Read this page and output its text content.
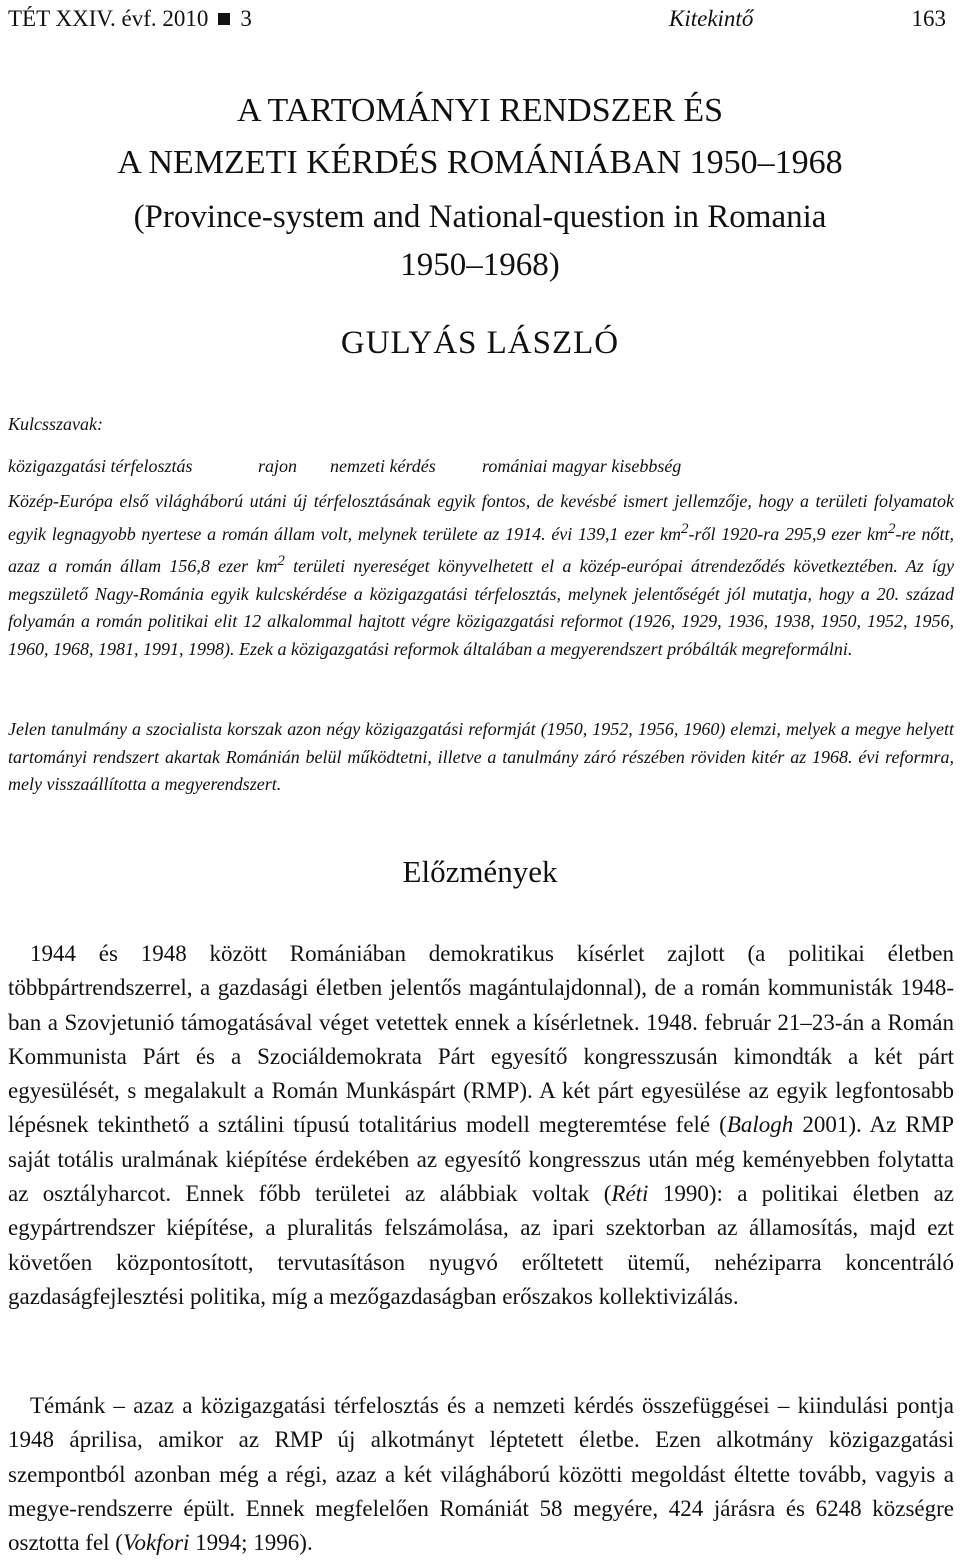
TÉT XXIV. évf. 2010 3	Kitekintő	163
A TARTOMÁNYI RENDSZER ÉS
A NEMZETI KÉRDÉS ROMÁNIÁBAN 1950–1968
(Province-system and National-question in Romania
1950–1968)
GULYÁS LÁSZLÓ
Kulcsszavak:
közigazgatási térfelosztás	rajon nemzeti kérdés	romániai magyar kisebbség

Közép-Európa első világháború utáni új térfelosztásának egyik fontos, de kevésbé ismert jellemzője, hogy a területi folyamatok egyik legnagyobb nyertese a román állam volt, melynek területe az 1914. évi 139,1 ezer $km^2$-ről 1920-ra 295,9 ezer $km^2-re$ nőtt, azaz a román állam 156,8 ezer $km^2$ területi nyereséget könyvelhetett el a közép-európai átrendeződés következtében. Az így megszülető Nagy-Románia egyik kulcskérdése a közigazgatási térfelosztás, melynek jelentőségét jól mutatja, hogy a 20. század folyamán a román politikai elit 12 alkalommal hajtott végre közigazgatási reformot (1926, 1929, 1936, 1938, 1950, 1952, 1956, 1960, 1968, 1981, 1991, 1998). Ezek a közigazgatási reformok általában a megyerendszert próbálták megreformálni.

Jelen tanulmány a szocialista korszak azon négy közigazgatási reformját (1950, 1952, 1956, 1960) elemzi, melyek a megye helyett tartományi rendszert akartak Románián belül működtetni, illetve a tanulmány záró részében röviden kitér az 1968. évi reformra, mely visszaállította a megyerendszert.

Előzmények

1944 és 1948 között Romániában demokratikus kísérlet zajlott (a politikai életben többpártrendszerrel, a gazdasági életben jelentős magántulajdonnal), de a román kommunisták 1948-ban a Szovjetunió támogatásával véget vetettek ennek a kísérletnek. 1948. február 21–23-án a Román Kommunista Párt és a Szociáldemokrata Párt egyesítő kongresszusán kimondták a két párt egyesülését, s megalakult a Román Munkáspárt (RMP). A két párt egyesülése az egyik legfontosabb lépésnek tekinthető a sztálini típusú totalitárius modell megteremtése felé (Balogh 2001). Az RMP saját totális uralmának kiépítése érdekében az egyesítő kongresszus után még keményebben folytatta az osztályharcot. Ennek főbb területei az alábbiak voltak (Réti 1990): a politikai életben az egypártrendszer kiépítése, a pluralitás felszámolása, az ipari szektorban az államosítás, majd ezt követően központosított, tervutasításon nyugvó erőltetett ütemű, nehéziparra koncentráló gazdaságfejlesztési politika, míg a mezőgazdaságban erőszakos kollektivizálás.

Témánk – azaz a közigazgatási térfelosztás és a nemzeti kérdés összefüggései – kiindulási pontja 1948 áprilisa, amikor az RMP új alkotmányt léptetett életbe. Ezen alkotmány közigazgatási szempontból azonban még a régi, azaz a két világháború közötti megoldást éltette tovább, vagyis a megye-rendszerre épült. Ennek megfelelően Romániát 58 megyére, 424 járásra és 6248 községre osztotta fel (Vokfori 1994; 1996).
